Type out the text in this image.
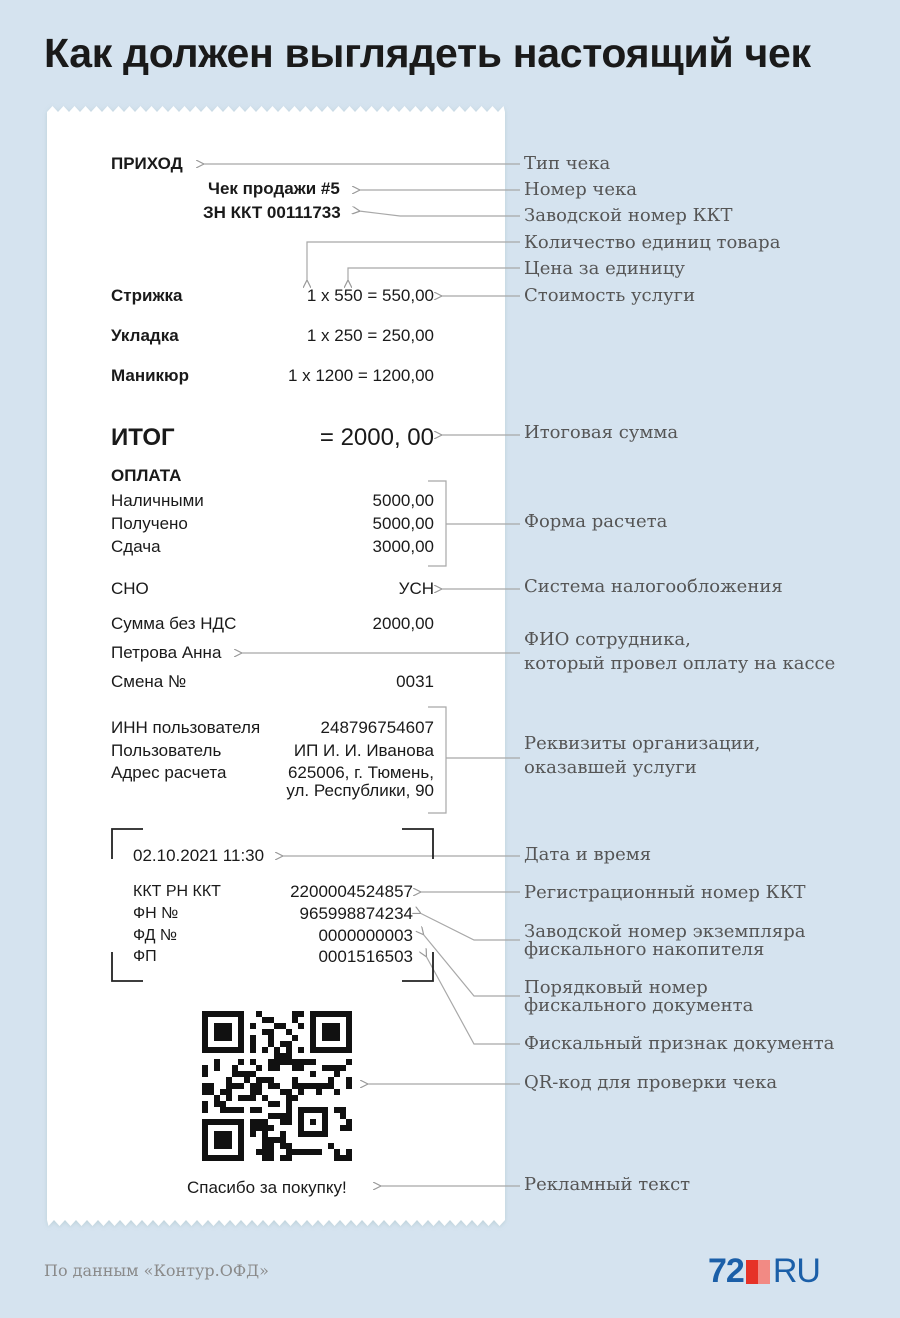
Как должен выглядеть настоящий чек
ПРИХОД
Чек продажи #5
ЗН ККТ 00111733
Стрижка	1 x 550 = 550,00
Укладка	1 x 250 = 250,00
Маникюр	1 x 1200 = 1200,00
ИТОГ	= 2000, 00
ОПЛАТА
Наличными	5000,00
Получено	5000,00
Сдача	3000,00
СНО	УСН
Сумма без НДС	2000,00
Петрова Анна
Смена №	0031
ИНН пользователя	248796754607
Пользователь	ИП И. И. Иванова
Адрес расчета	625006, г. Тюмень,
ул. Республики, 90
02.10.2021 11:30
ККТ РН ККТ	2200004524857
ФН №	965998874234
ФД №	0000000003
ФП	0001516503
Спасибо за покупку!
Тип чека
Номер чека
Заводской номер ККТ
Количество единиц товара
Цена за единицу
Стоимость услуги
Итоговая сумма
Форма расчета
Система налогообложения
ФИО сотрудника,
который провел оплату на кассе
Реквизиты организации,
оказавшей услуги
Дата и время
Регистрационный номер ККТ
Заводской номер экземпляра
фискального накопителя
Порядковый номер
фискального документа
Фискальный признак документа
QR-код для проверки чека
Рекламный текст
По данным «Контур.ОФД»	72 RU
